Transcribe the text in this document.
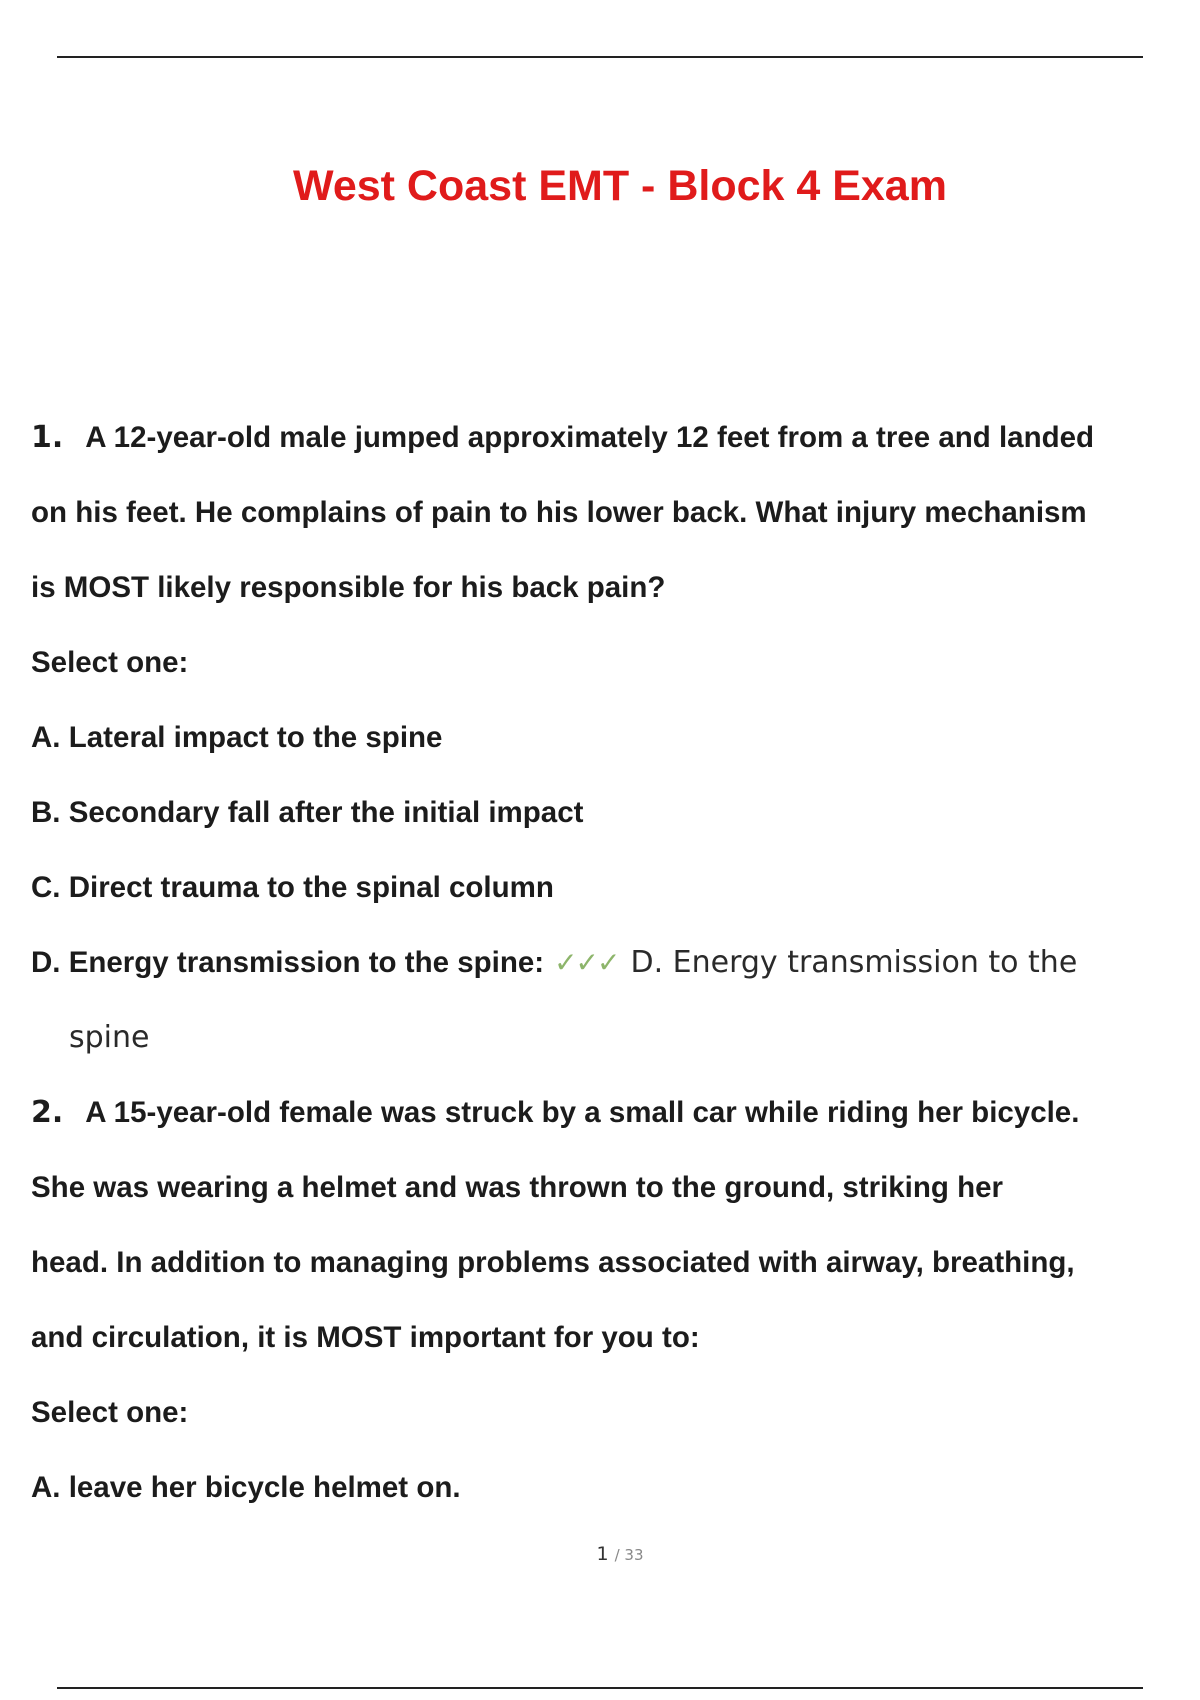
West Coast EMT - Block 4 Exam
1. A 12-year-old male jumped approximately 12 feet from a tree and landed
on his feet. He complains of pain to his lower back. What injury mechanism
is MOST likely responsible for his back pain?
Select one:
A. Lateral impact to the spine
B. Secondary fall after the initial impact
C. Direct trauma to the spinal column
D. Energy transmission to the spine: ✓✓✓ D. Energy transmission to the
spine
2. A 15-year-old female was struck by a small car while riding her bicycle.
She was wearing a helmet and was thrown to the ground, striking her
head. In addition to managing problems associated with airway, breathing,
and circulation, it is MOST important for you to:
Select one:
A. leave her bicycle helmet on.
1 / 33
